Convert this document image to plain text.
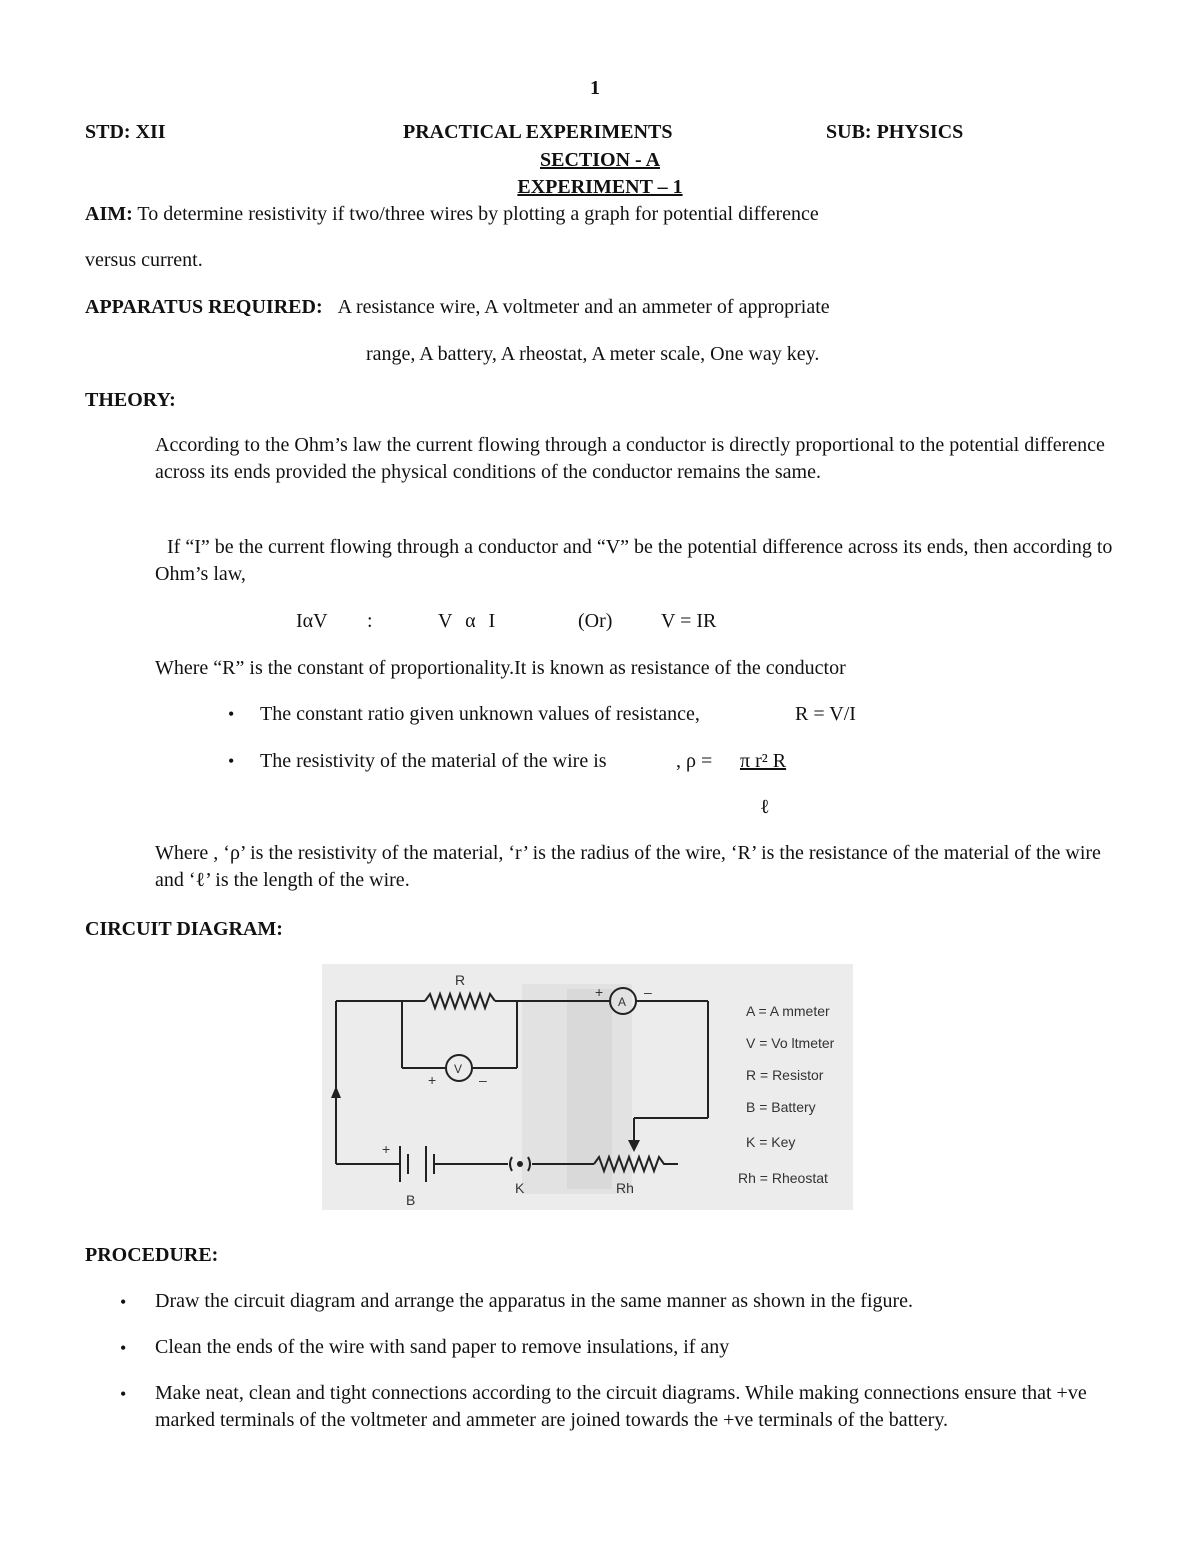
1
STD: XII	PRACTICAL EXPERIMENTS	SUB: PHYSICS
SECTION - A
EXPERIMENT – 1
AIM: To determine resistivity if two/three wires by plotting a graph for potential difference
versus current.
APPARATUS REQUIRED: A resistance wire, A voltmeter and an ammeter of appropriate
range, A battery, A rheostat, A meter scale, One way key.
THEORY:
According to the Ohm’s law the current flowing through a conductor is directly proportional to the potential difference across its ends provided the physical conditions of the conductor remains the same.
If “I” be the current flowing through a conductor and “V” be the potential difference across its ends, then according to Ohm’s law,
IαV :	V α I	(Or) V = IR
Where “R” is the constant of proportionality.It is known as resistance of the conductor
• The constant ratio given unknown values of resistance,	R = V/I
• The resistivity of the material of the wire is	, ρ = π r² R
ℓ
Where , ‘ρ’ is the resistivity of the material, ‘r’ is the radius of the wire, ‘R’ is the resistance of the material of the wire and ‘ℓ’ is the length of the wire.
CIRCUIT DIAGRAM:
R
A
+	–
V
+	–
+
B
K	Rh
A = A mmeter
V = Vo ltmeter
R = Resistor
B = Battery
K = Key
Rh = Rheostat
PROCEDURE:
• Draw the circuit diagram and arrange the apparatus in the same manner as shown in the figure.
• Clean the ends of the wire with sand paper to remove insulations, if any
• Make neat, clean and tight connections according to the circuit diagrams. While making connections ensure that +ve marked terminals of the voltmeter and ammeter are joined towards the +ve terminals of the battery.
